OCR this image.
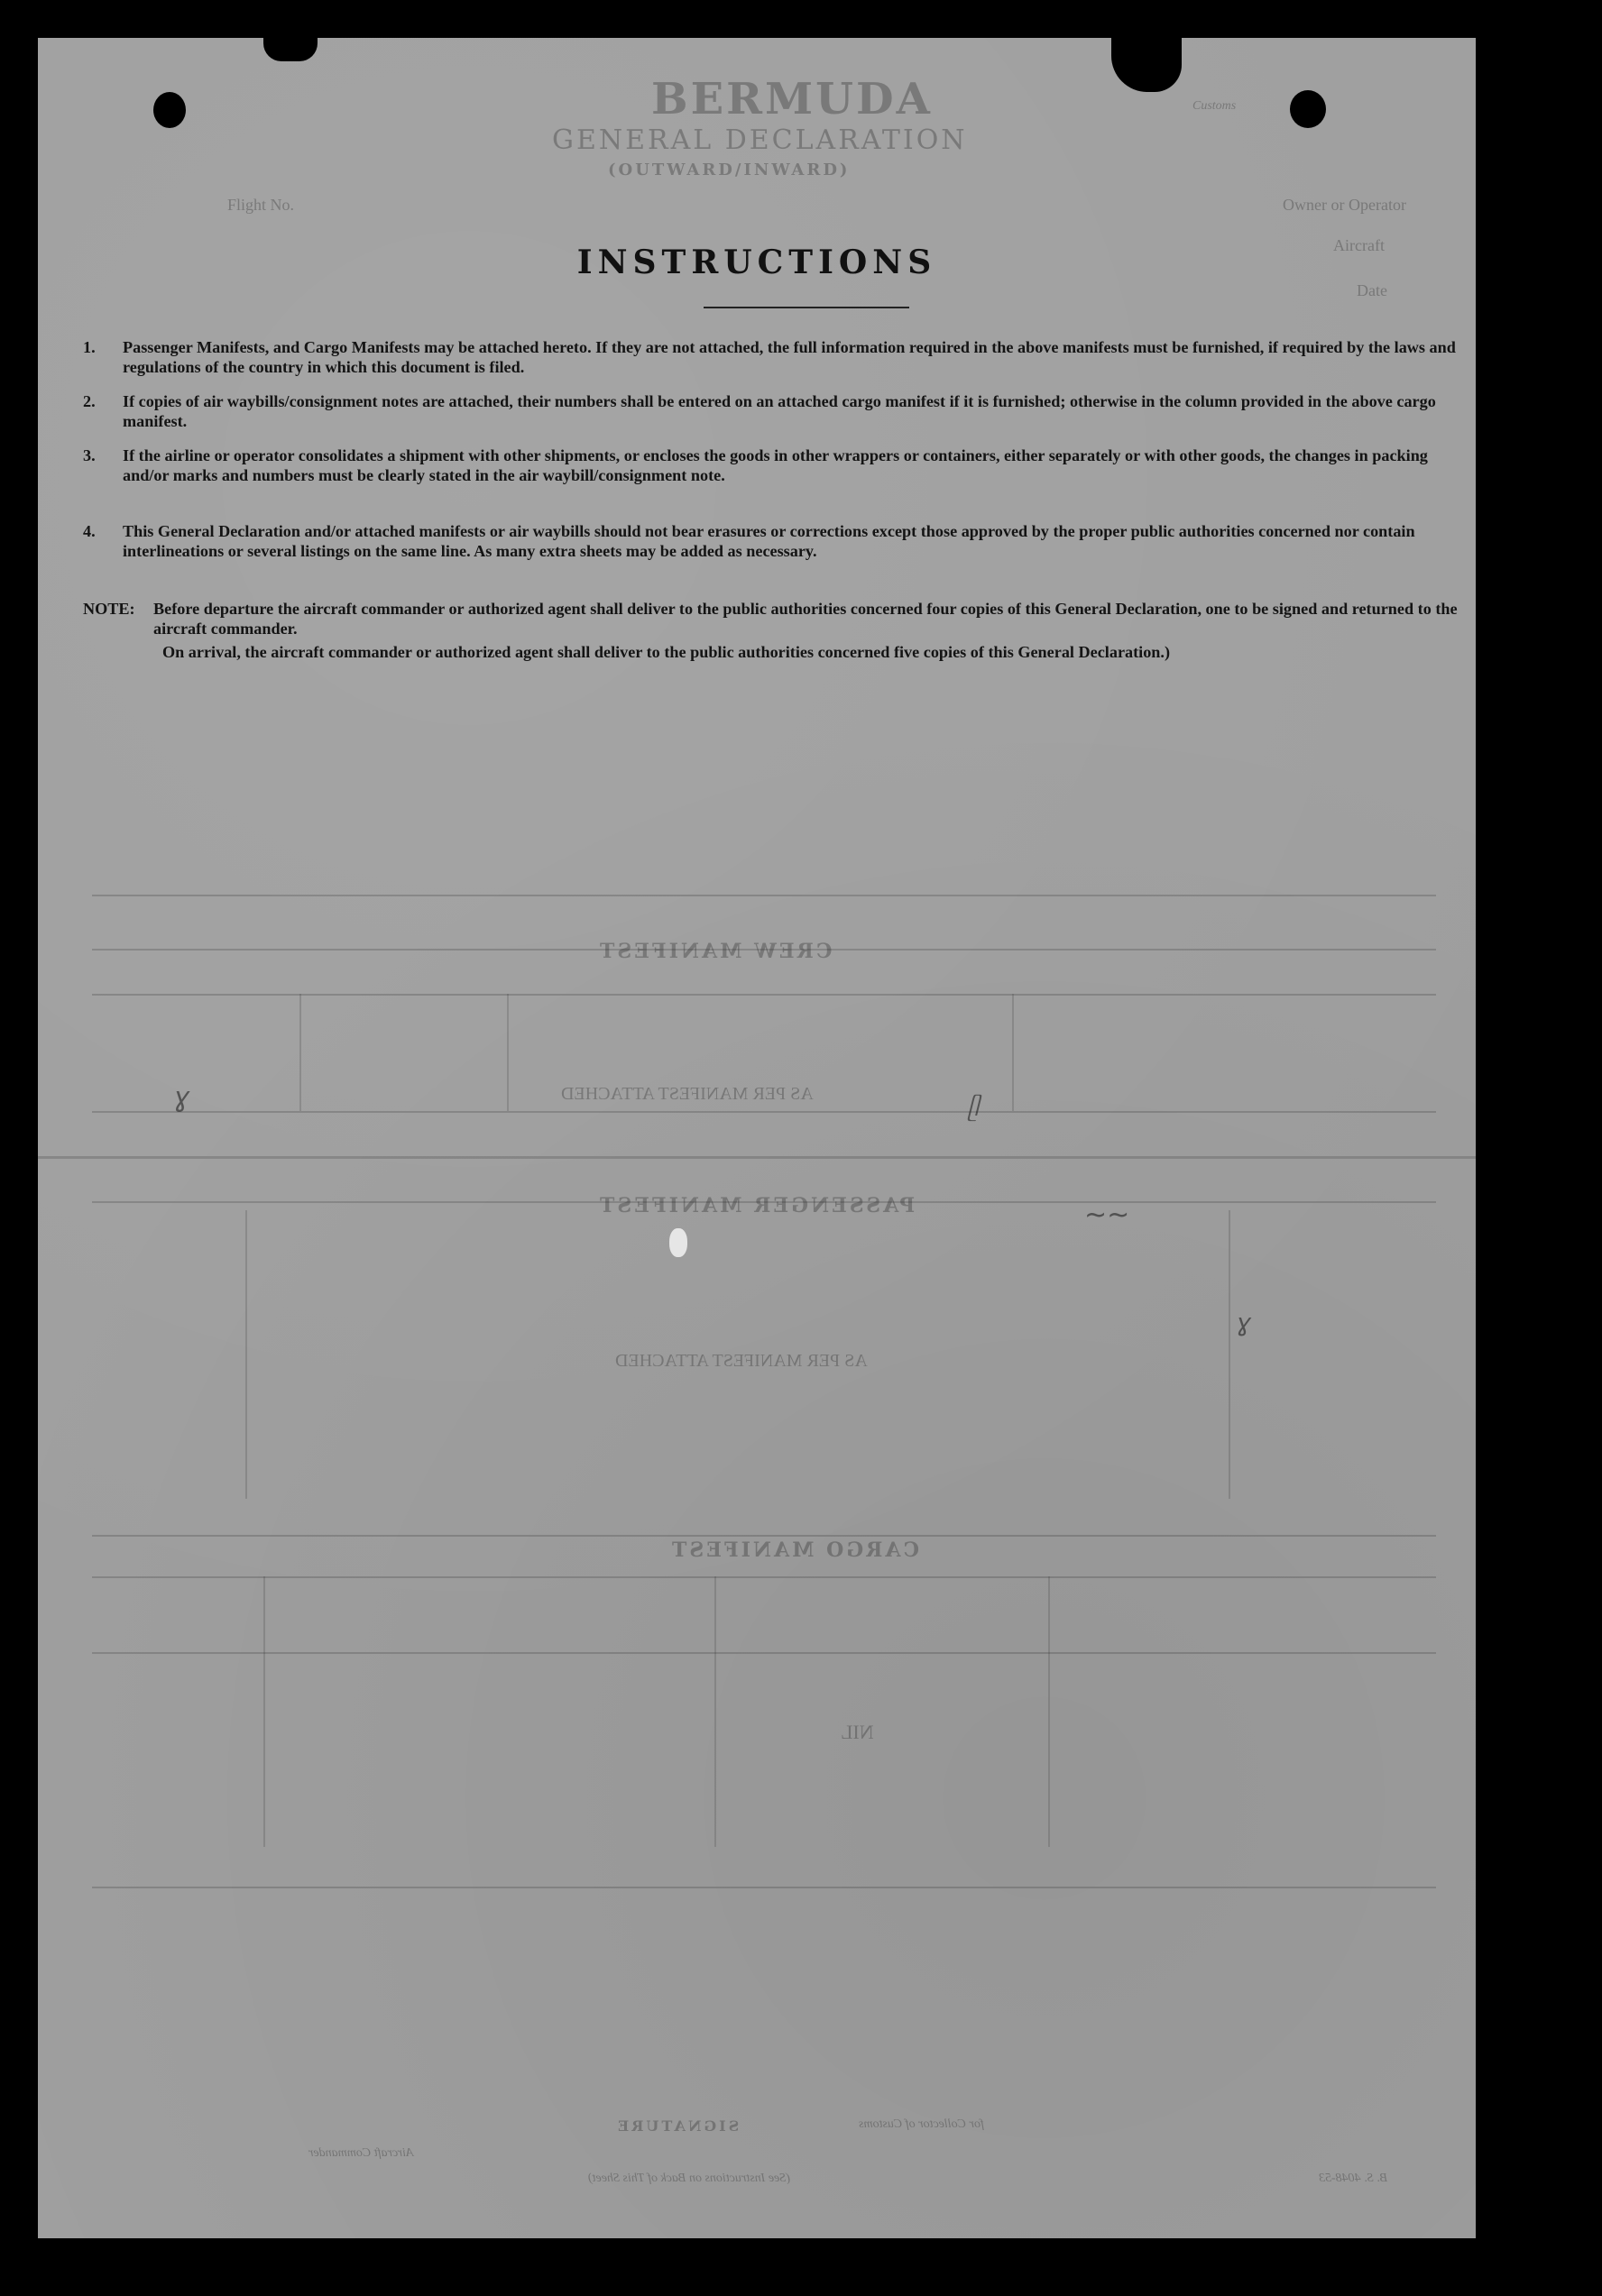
BERMUDA
GENERAL DECLARATION
(OUTWARD/INWARD)
Customs
Owner or Operator
Aircraft
Date
Flight No.
CREW MANIFEST
AS PER MANIFEST ATTACHED
PASSENGER MANIFEST
AS PER MANIFEST ATTACHED
CARGO MANIFEST
NIL
SIGNATURE	for Collector of Customs
Aircraft Commander
(See Instructions on Back of This Sheet)	B. S. 4048-53
ɣ	ᥫ
ɣ
~~
INSTRUCTIONS
1.	Passenger Manifests, and Cargo Manifests may be attached hereto. If they are not attached, the full information required in the above manifests must be furnished, if required by the laws and regulations of the country in which this document is filed.
2.	If copies of air waybills/consignment notes are attached, their numbers shall be entered on an attached cargo manifest if it is furnished; otherwise in the column provided in the above cargo manifest.
3.	If the airline or operator consolidates a shipment with other shipments, or encloses the goods in other wrappers or containers, either separately or with other goods, the changes in packing and/or marks and numbers must be clearly stated in the air waybill/consignment note.
4.	This General Declaration and/or attached manifests or air waybills should not bear erasures or corrections except those approved by the proper public authorities concerned nor contain interlineations or several listings on the same line. As many extra sheets may be added as necessary.
NOTE: Before departure the aircraft commander or authorized agent shall deliver to the public authorities concerned four copies of this General Declaration, one to be signed and returned to the aircraft commander.
On arrival, the aircraft commander or authorized agent shall deliver to the public authorities concerned five copies of this General Declaration.)
